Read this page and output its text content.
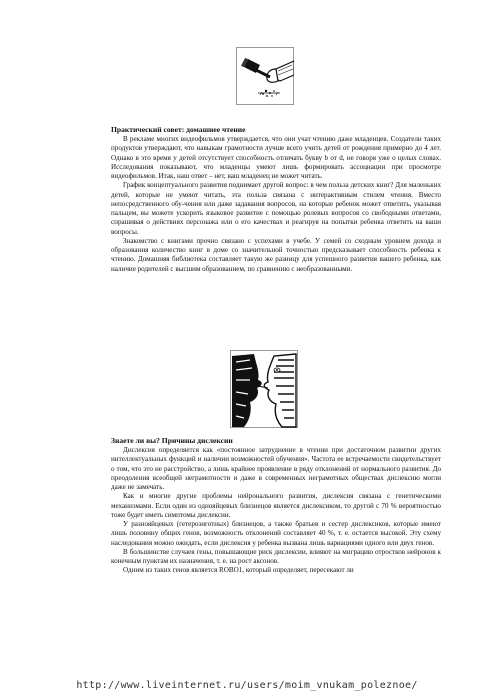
Практический совет: домашнее чтение

В рекламе многих видеофильмов утверждается, что они учат чтению даже младенцев. Создатели таких продуктов утверждают, что навыкам грамотности лучше всего учить детей от рождения примерно до 4 лет. Однако в это время у детей отсутствует способность отличать букву b от d, не говоря уже о целых словах. Исследования показывают, что младенцы умеют лишь формировать ассоциации при просмотре видеофильмов. Итак, наш ответ – нет, ваш младенец не может читать.

График концептуального развития поднимает другой вопрос: в чем польза детских книг? Для маленьких детей, которые не умеют читать, эта польза связана с интерактивным стилем чтения. Вместо непосредственного обу-чения или даже задавания вопросов, на которые ребенок может ответить, указывая пальцем, вы можете ускорить языковое развитие с помощью ролевых вопросов со свободными ответами, спрашивая о действиях персонажа или о его качествах и реагируя на попытки ребенка ответить на ваши вопросы.

Знакомство с книгами прочно связано с успехами в учебе. У семей со сходным уровнем дохода и образования количество книг в доме со значительной точностью предсказывает способность ребенка к чтению. Домашняя библиотека составляет такую же разницу для успешного развития вашего ребенка, как наличие родителей с высшим образованием, по сравнению с необразованными.

Знаете ли вы? Причины дислексии

Дислексия определяется как «постоянное затруднение в чтении при достаточном развитии других интеллектуальных функций и наличии возможностей обучения». Частота ее встречаемости свидетельствует о том, что это не расстройство, а лишь крайнее проявление в ряду отклонений от нормального развития. До преодоления всеобщей неграмотности и даже в современных неграмотных обществах дислексию могли даже не замечать.

Как и многие другие проблемы нейронального развития, дислексия связана с генетическими механизмами. Если один из однояйцевых близнецов является дислексиком, то другой с 70 % вероятностью тоже будет иметь симптомы дислексии.

У разнояйцевых (гетерозиготных) близнецов, а также братьев и сестер дислексиков, которые имеют лишь половину общих генов, возможность отклонений составляет 40 %, т. е. остается высокой. Эту схему наследования можно ожидать, если дислексия у ребенка вызвана лишь вариациями одного или двух генов.

В большинстве случаев гены, повышающие риск дислексии, влияют на миграцию отростков нейронов к конечным пунктам их назначения, т. е. на рост аксонов.

Одним из таких генов является ROBO1, который определяет, пересекают ли

http://www.liveinternet.ru/users/moim_vnukam_poleznoe/
